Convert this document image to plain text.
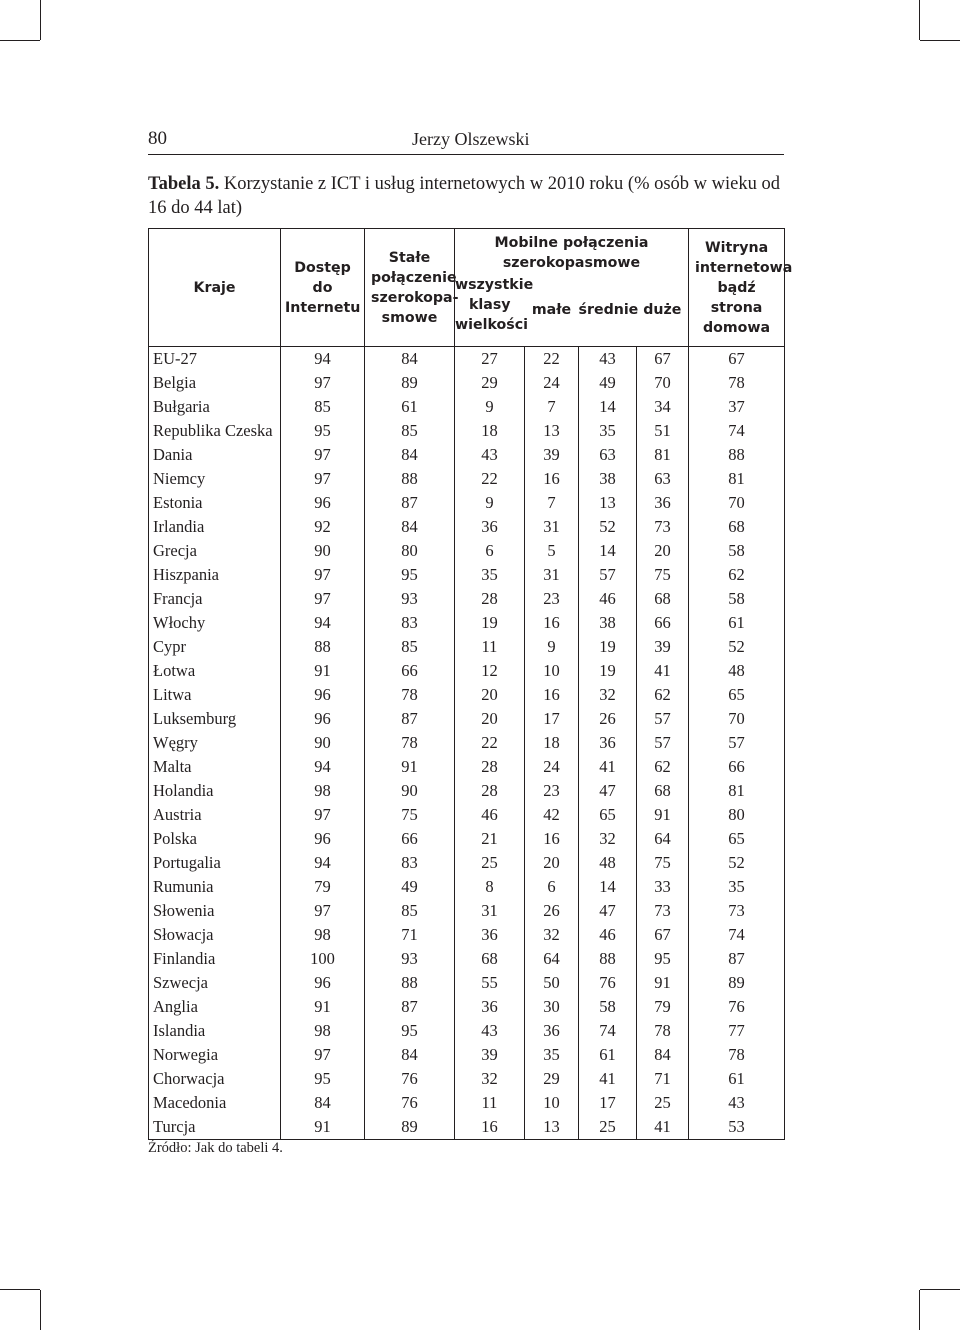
80	Jerzy Olszewski
Tabela 5. Korzystanie z ICT i usług internetowych w 2010 roku (% osób w wieku od 16 do 44 lat)
Kraje	Dostęp do Internetu	Stałe połączenie szerokopa-smowe	Mobilne połączenia szerokopasmowe				Witryna internetowa bądź strona domowa
			wszystkie klasy wielkości	małe	średnie	duże	
EU-27	94	84	27	22	43	67	67
Belgia	97	89	29	24	49	70	78
Bułgaria	85	61	9	7	14	34	37
Republika Czeska	95	85	18	13	35	51	74
Dania	97	84	43	39	63	81	88
Niemcy	97	88	22	16	38	63	81
Estonia	96	87	9	7	13	36	70
Irlandia	92	84	36	31	52	73	68
Grecja	90	80	6	5	14	20	58
Hiszpania	97	95	35	31	57	75	62
Francja	97	93	28	23	46	68	58
Włochy	94	83	19	16	38	66	61
Cypr	88	85	11	9	19	39	52
Łotwa	91	66	12	10	19	41	48
Litwa	96	78	20	16	32	62	65
Luksemburg	96	87	20	17	26	57	70
Węgry	90	78	22	18	36	57	57
Malta	94	91	28	24	41	62	66
Holandia	98	90	28	23	47	68	81
Austria	97	75	46	42	65	91	80
Polska	96	66	21	16	32	64	65
Portugalia	94	83	25	20	48	75	52
Rumunia	79	49	8	6	14	33	35
Słowenia	97	85	31	26	47	73	73
Słowacja	98	71	36	32	46	67	74
Finlandia	100	93	68	64	88	95	87
Szwecja	96	88	55	50	76	91	89
Anglia	91	87	36	30	58	79	76
Islandia	98	95	43	36	74	78	77
Norwegia	97	84	39	35	61	84	78
Chorwacja	95	76	32	29	41	71	61
Macedonia	84	76	11	10	17	25	43
Turcja	91	89	16	13	25	41	53
Źródło: Jak do tabeli 4.
